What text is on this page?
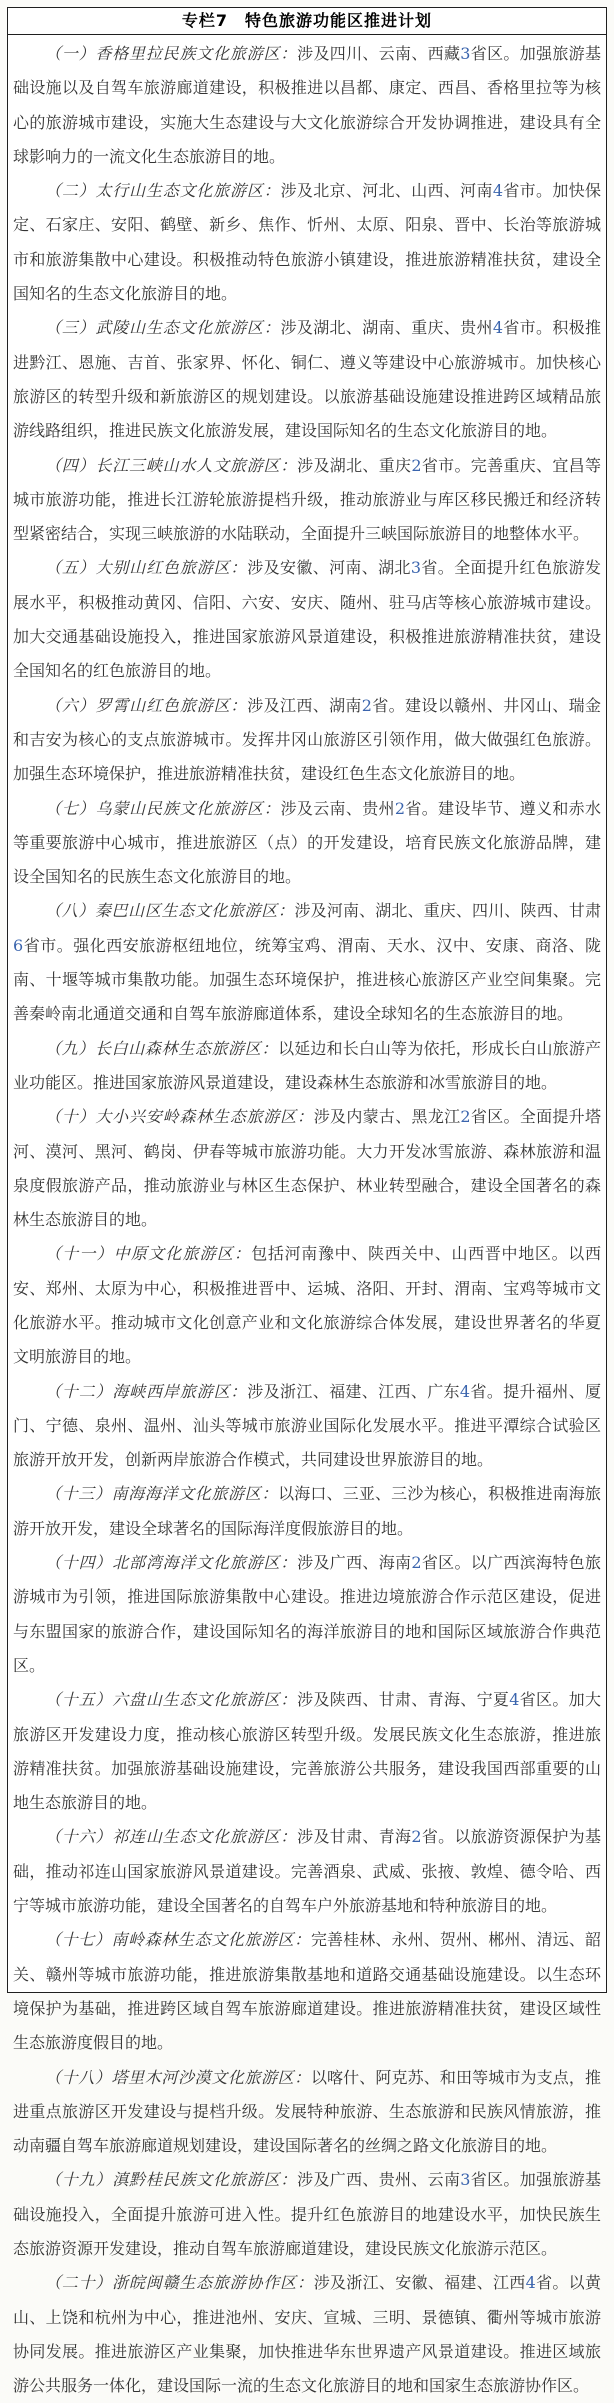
专栏7　特色旅游功能区推进计划

（一）香格里拉民族文化旅游区：涉及四川、云南、西藏3省区。加强旅游基础设施以及自驾车旅游廊道建设，积极推进以昌都、康定、西昌、香格里拉等为核心的旅游城市建设，实施大生态建设与大文化旅游综合开发协调推进，建设具有全球影响力的一流文化生态旅游目的地。

（二）太行山生态文化旅游区：涉及北京、河北、山西、河南4省市。加快保定、石家庄、安阳、鹤壁、新乡、焦作、忻州、太原、阳泉、晋中、长治等旅游城市和旅游集散中心建设。积极推动特色旅游小镇建设，推进旅游精准扶贫，建设全国知名的生态文化旅游目的地。

（三）武陵山生态文化旅游区：涉及湖北、湖南、重庆、贵州4省市。积极推进黔江、恩施、吉首、张家界、怀化、铜仁、遵义等建设中心旅游城市。加快核心旅游区的转型升级和新旅游区的规划建设。以旅游基础设施建设推进跨区域精品旅游线路组织，推进民族文化旅游发展，建设国际知名的生态文化旅游目的地。

（四）长江三峡山水人文旅游区：涉及湖北、重庆2省市。完善重庆、宜昌等城市旅游功能，推进长江游轮旅游提档升级，推动旅游业与库区移民搬迁和经济转型紧密结合，实现三峡旅游的水陆联动，全面提升三峡国际旅游目的地整体水平。

（五）大别山红色旅游区：涉及安徽、河南、湖北3省。全面提升红色旅游发展水平，积极推动黄冈、信阳、六安、安庆、随州、驻马店等核心旅游城市建设。加大交通基础设施投入，推进国家旅游风景道建设，积极推进旅游精准扶贫，建设全国知名的红色旅游目的地。

（六）罗霄山红色旅游区：涉及江西、湖南2省。建设以赣州、井冈山、瑞金和吉安为核心的支点旅游城市。发挥井冈山旅游区引领作用，做大做强红色旅游。加强生态环境保护，推进旅游精准扶贫，建设红色生态文化旅游目的地。

（七）乌蒙山民族文化旅游区：涉及云南、贵州2省。建设毕节、遵义和赤水等重要旅游中心城市，推进旅游区（点）的开发建设，培育民族文化旅游品牌，建设全国知名的民族生态文化旅游目的地。

（八）秦巴山区生态文化旅游区：涉及河南、湖北、重庆、四川、陕西、甘肃6省市。强化西安旅游枢纽地位，统筹宝鸡、渭南、天水、汉中、安康、商洛、陇南、十堰等城市集散功能。加强生态环境保护，推进核心旅游区产业空间集聚。完善秦岭南北通道交通和自驾车旅游廊道体系，建设全球知名的生态旅游目的地。

（九）长白山森林生态旅游区：以延边和长白山等为依托，形成长白山旅游产业功能区。推进国家旅游风景道建设，建设森林生态旅游和冰雪旅游目的地。

（十）大小兴安岭森林生态旅游区：涉及内蒙古、黑龙江2省区。全面提升塔河、漠河、黑河、鹤岗、伊春等城市旅游功能。大力开发冰雪旅游、森林旅游和温泉度假旅游产品，推动旅游业与林区生态保护、林业转型融合，建设全国著名的森林生态旅游目的地。

（十一）中原文化旅游区：包括河南豫中、陕西关中、山西晋中地区。以西安、郑州、太原为中心，积极推进晋中、运城、洛阳、开封、渭南、宝鸡等城市文化旅游水平。推动城市文化创意产业和文化旅游综合体发展，建设世界著名的华夏文明旅游目的地。

（十二）海峡西岸旅游区：涉及浙江、福建、江西、广东4省。提升福州、厦门、宁德、泉州、温州、汕头等城市旅游业国际化发展水平。推进平潭综合试验区旅游开放开发，创新两岸旅游合作模式，共同建设世界旅游目的地。

（十三）南海海洋文化旅游区：以海口、三亚、三沙为核心，积极推进南海旅游开放开发，建设全球著名的国际海洋度假旅游目的地。

（十四）北部湾海洋文化旅游区：涉及广西、海南2省区。以广西滨海特色旅游城市为引领，推进国际旅游集散中心建设。推进边境旅游合作示范区建设，促进与东盟国家的旅游合作，建设国际知名的海洋旅游目的地和国际区域旅游合作典范区。

（十五）六盘山生态文化旅游区：涉及陕西、甘肃、青海、宁夏4省区。加大旅游区开发建设力度，推动核心旅游区转型升级。发展民族文化生态旅游，推进旅游精准扶贫。加强旅游基础设施建设，完善旅游公共服务，建设我国西部重要的山地生态旅游目的地。

（十六）祁连山生态文化旅游区：涉及甘肃、青海2省。以旅游资源保护为基础，推动祁连山国家旅游风景道建设。完善酒泉、武威、张掖、敦煌、德令哈、西宁等城市旅游功能，建设全国著名的自驾车户外旅游基地和特种旅游目的地。

（十七）南岭森林生态文化旅游区：完善桂林、永州、贺州、郴州、清远、韶关、赣州等城市旅游功能，推进旅游集散基地和道路交通基础设施建设。以生态环境保护为基础，推进跨区域自驾车旅游廊道建设。推进旅游精准扶贫，建设区域性生态旅游度假目的地。

（十八）塔里木河沙漠文化旅游区：以喀什、阿克苏、和田等城市为支点，推进重点旅游区开发建设与提档升级。发展特种旅游、生态旅游和民族风情旅游，推动南疆自驾车旅游廊道规划建设，建设国际著名的丝绸之路文化旅游目的地。

（十九）滇黔桂民族文化旅游区：涉及广西、贵州、云南3省区。加强旅游基础设施投入，全面提升旅游可进入性。提升红色旅游目的地建设水平，加快民族生态旅游资源开发建设，推动自驾车旅游廊道建设，建设民族文化旅游示范区。

（二十）浙皖闽赣生态旅游协作区：涉及浙江、安徽、福建、江西4省。以黄山、上饶和杭州为中心，推进池州、安庆、宣城、三明、景德镇、衢州等城市旅游协同发展。推进旅游区产业集聚，加快推进华东世界遗产风景道建设。推进区域旅游公共服务一体化，建设国际一流的生态文化旅游目的地和国家生态旅游协作区。
